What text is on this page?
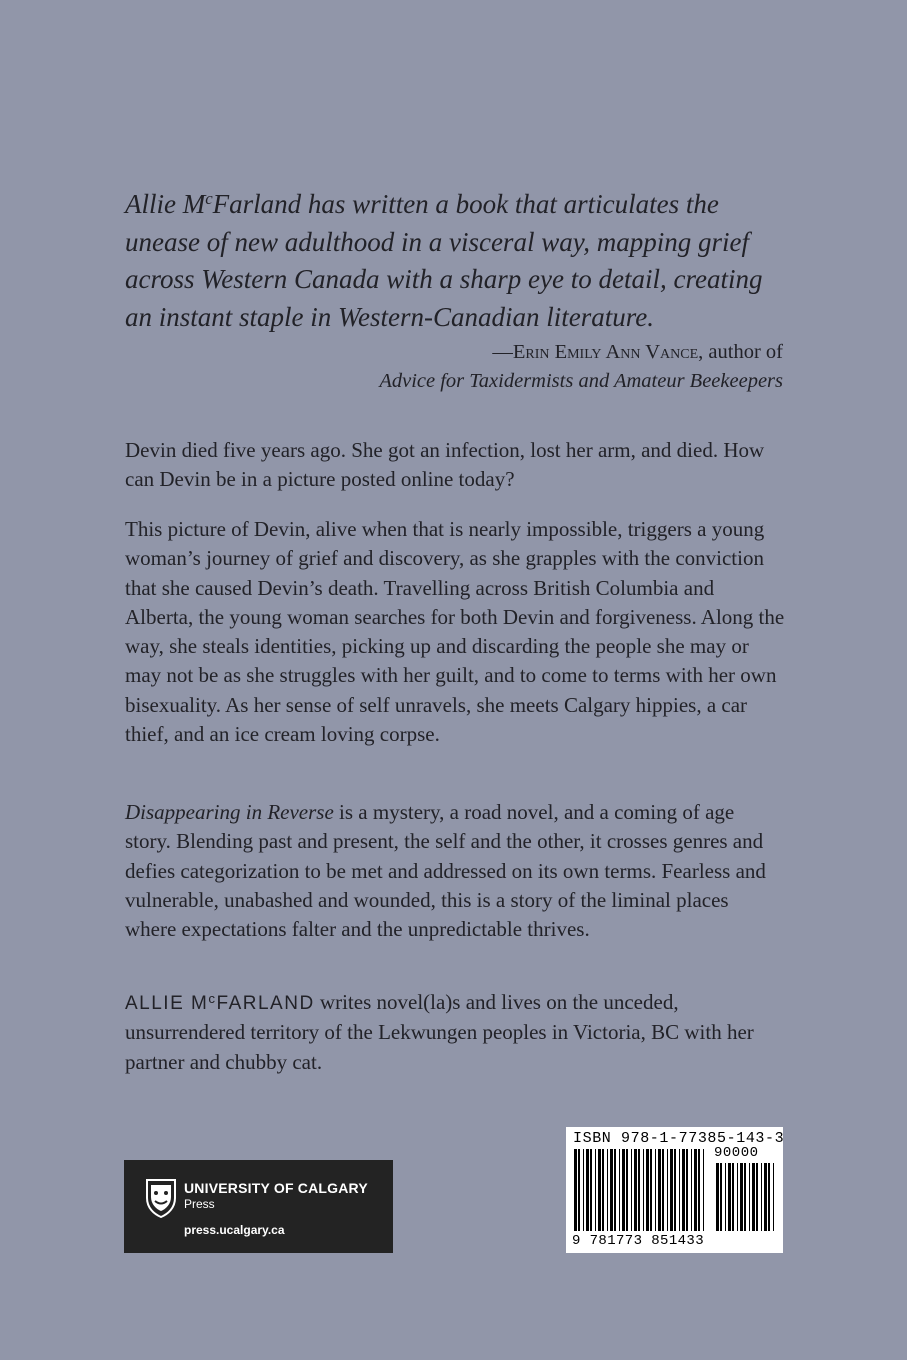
Allie $M^cFarland$ has written a book that articulates the unease of new adulthood in a visceral way, mapping grief across Western Canada with a sharp eye to detail, creating an instant staple in Western-Canadian literature.

—Erin Emily Ann Vance, author of
Advice for Taxidermists and Amateur Beekeepers

Devin died five years ago. She got an infection, lost her arm, and died. How can Devin be in a picture posted online today?

This picture of Devin, alive when that is nearly impossible, triggers a young woman’s journey of grief and discovery, as she grapples with the conviction that she caused Devin’s death. Travelling across British Columbia and Alberta, the young woman searches for both Devin and forgiveness. Along the way, she steals identities, picking up and discarding the people she may or may not be as she struggles with her guilt, and to come to terms with her own bisexuality. As her sense of self unravels, she meets Calgary hippies, a car thief, and an ice cream loving corpse.

Disappearing in Reverse is a mystery, a road novel, and a coming of age story. Blending past and present, the self and the other, it crosses genres and defies categorization to be met and addressed on its own terms. Fearless and vulnerable, unabashed and wounded, this is a story of the liminal places where expectations falter and the unpredictable thrives.

ALLIE $M^cFARLAND$ writes novel(la)s and lives on the unceded, unsurrendered territory of the Lekwungen peoples in Victoria, BC with her partner and chubby cat.

UNIVERSITY OF CALGARY
Press
press.ucalgary.ca
ISBN 978-1-77385-143-3
90000
9 781773 851433
